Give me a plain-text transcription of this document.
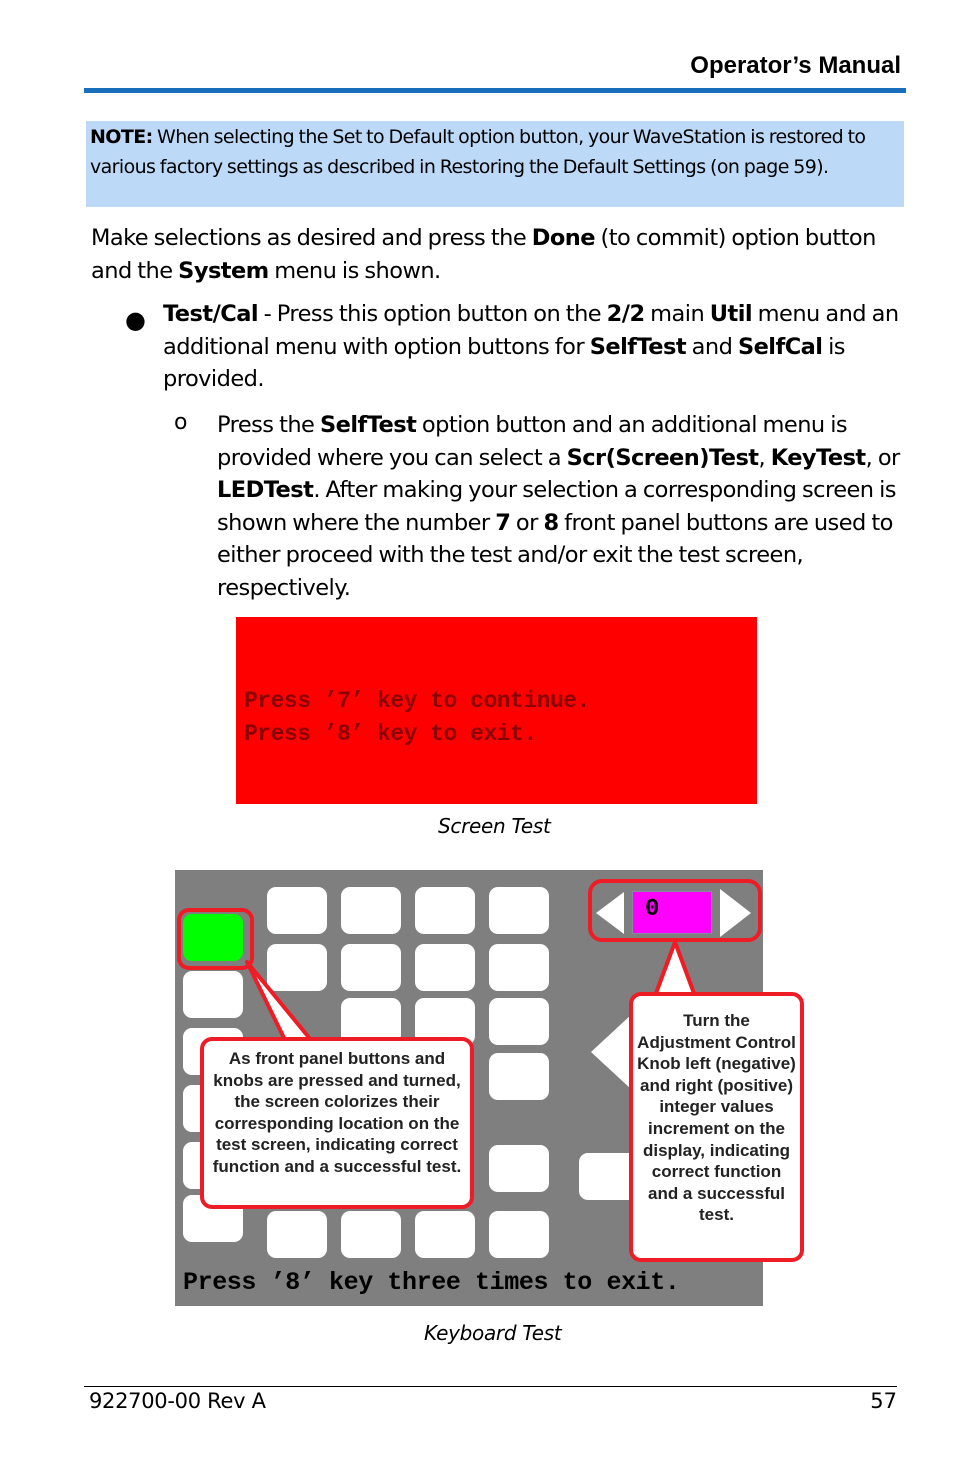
Operator’s Manual
NOTE: When selecting the Set to Default option button, your WaveStation is restored to various factory settings as described in Restoring the Default Settings (on page 59).
Make selections as desired and press the Done (to commit) option button and the System menu is shown.
● Test/Cal - Press this option button on the 2/2 main Util menu and an additional menu with option buttons for SelfTest and SelfCal is provided.
o Press the SelfTest option button and an additional menu is provided where you can select a Scr(Screen)Test, KeyTest, or LEDTest. After making your selection a corresponding screen is shown where the number 7 or 8 front panel buttons are used to either proceed with the test and/or exit the test screen, respectively.
Press ’7’ key to continue.
Press ’8’ key to exit.
Screen Test
0
As front panel buttons and knobs are pressed and turned, the screen colorizes their corresponding location on the test screen, indicating correct function and a successful test.
Turn the Adjustment Control Knob left (negative) and right (positive) integer values increment on the display, indicating correct function and a successful test.
Press ’8’ key three times to exit.
Keyboard Test
922700-00 Rev A	57
